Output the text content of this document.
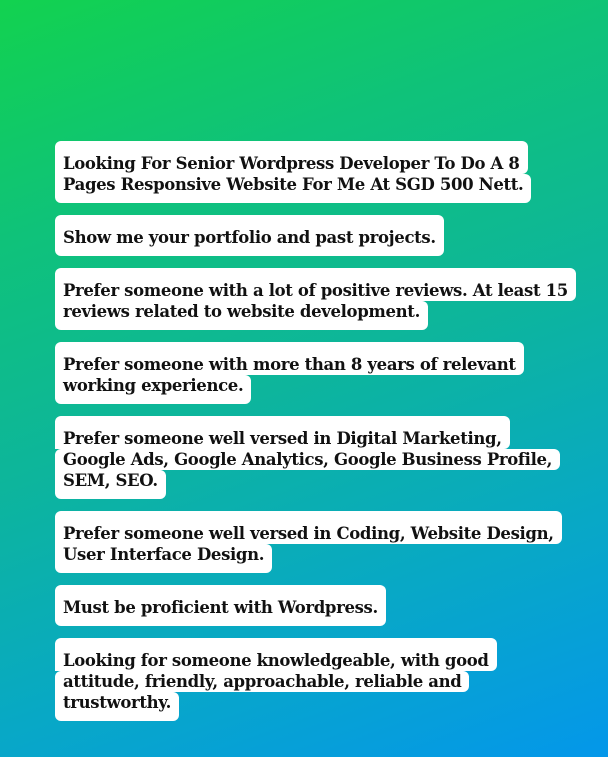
Looking For Senior Wordpress Developer To Do A 8
Pages Responsive Website For Me At SGD 500 Nett.
Show me your portfolio and past projects.
Prefer someone with a lot of positive reviews. At least 15
reviews related to website development.
Prefer someone with more than 8 years of relevant
working experience.
Prefer someone well versed in Digital Marketing,
Google Ads, Google Analytics, Google Business Profile,
SEM, SEO.
Prefer someone well versed in Coding, Website Design,
User Interface Design.
Must be proficient with Wordpress.
Looking for someone knowledgeable, with good
attitude, friendly, approachable, reliable and
trustworthy.
